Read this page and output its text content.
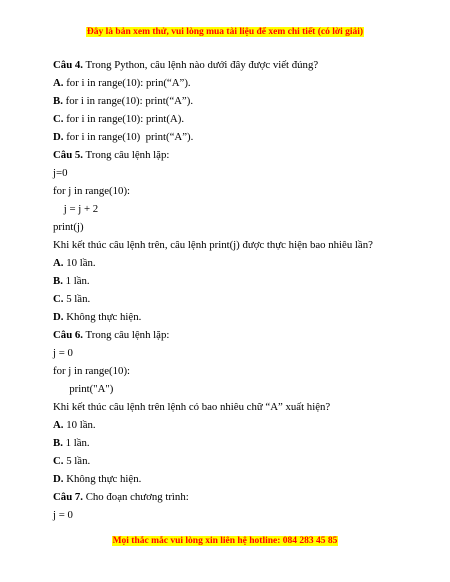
Đây là bản xem thử, vui lòng mua tài liệu để xem chi tiết (có lời giải)
Câu 4. Trong Python, câu lệnh nào dưới đây được viết đúng?
A. for i in range(10): prin(“A”).
B. for i in range(10): print(“A”).
C. for i in range(10): print(A).
D. for i in range(10)  print(“A”).
Câu 5. Trong câu lệnh lặp:
j=0
for j in range(10):
j = j + 2
print(j)
Khi kết thúc câu lệnh trên, câu lệnh print(j) được thực hiện bao nhiêu lần?
A. 10 lần.
B. 1 lần.
C. 5 lần.
D. Không thực hiện.
Câu 6. Trong câu lệnh lặp:
j = 0
for j in range(10):
print("A")
Khi kết thúc câu lệnh trên lệnh có bao nhiêu chữ “A” xuất hiện?
A. 10 lần.
B. 1 lần.
C. 5 lần.
D. Không thực hiện.
Câu 7. Cho đoạn chương trình:
j = 0
Mọi thắc mắc vui lòng xin liên hệ hotline: 084 283 45 85
